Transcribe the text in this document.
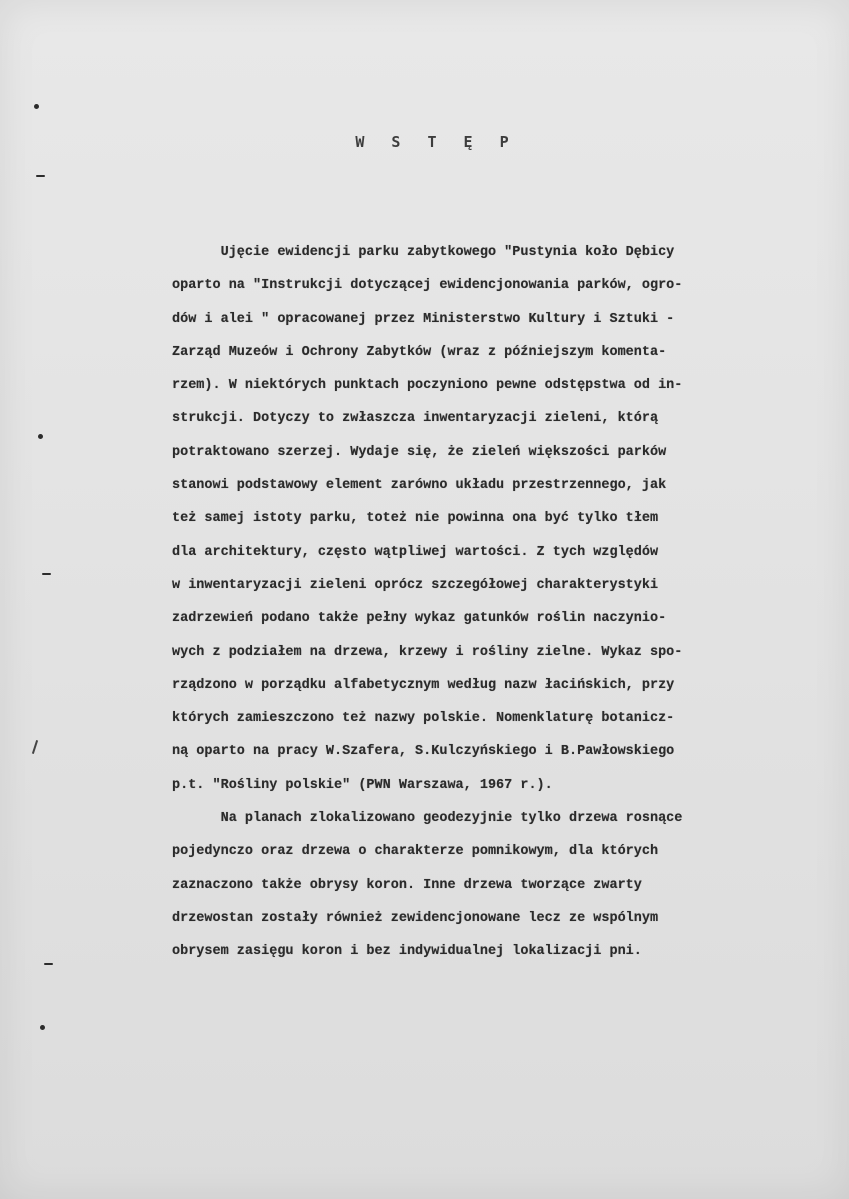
W S T Ę P
Ujęcie ewidencji parku zabytkowego "Pustynia koło Dębicy
oparto na "Instrukcji dotyczącej ewidencjonowania parków, ogro-
dów i alei " opracowanej przez Ministerstwo Kultury i Sztuki -
Zarząd Muzeów i Ochrony Zabytków (wraz z późniejszym komenta-
rzem). W niektórych punktach poczyniono pewne odstępstwa od in-
strukcji. Dotyczy to zwłaszcza inwentaryzacji zieleni, którą
potraktowano szerzej. Wydaje się, że zieleń większości parków
stanowi podstawowy element zarówno układu przestrzennego, jak
też samej istoty parku, toteż nie powinna ona być tylko tłem
dla architektury, często wątpliwej wartości. Z tych względów
w inwentaryzacji zieleni oprócz szczegółowej charakterystyki
zadrzewień podano także pełny wykaz gatunków roślin naczynio-
wych z podziałem na drzewa, krzewy i rośliny zielne. Wykaz spo-
rządzono w porządku alfabetycznym według nazw łacińskich, przy
których zamieszczono też nazwy polskie. Nomenklaturę botanicz-
ną oparto na pracy W.Szafera, S.Kulczyńskiego i B.Pawłowskiego
p.t. "Rośliny polskie" (PWN Warszawa, 1967 r.).
Na planach zlokalizowano geodezyjnie tylko drzewa rosnące
pojedynczo oraz drzewa o charakterze pomnikowym, dla których
zaznaczono także obrysy koron. Inne drzewa tworzące zwarty
drzewostan zostały również zewidencjonowane lecz ze wspólnym
obrysem zasięgu koron i bez indywidualnej lokalizacji pni.
